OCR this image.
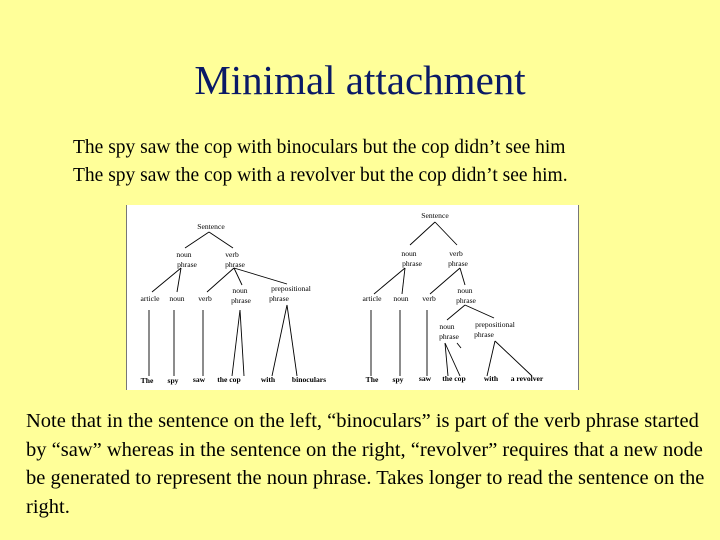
Minimal attachment
The spy saw the cop with binoculars but the cop didn’t see him
The spy saw the cop with a revolver but the cop didn’t see him.
Sentence
noun
phrase
verb
phrase
article noun verb
noun
phrase
prepositional
phrase
The spy saw the cop	with binoculars
Sentence
noun
phrase
verb
phrase
article noun verb
noun
phrase
noun
phrase
prepositional
phrase
The spy saw the cop with a revolver
Note that in the sentence on the left, “binoculars” is part of the verb phrase started by “saw” whereas in the sentence on the right, “revolver” requires that a new node be generated to represent the noun phrase. Takes longer to read the sentence on the right.
